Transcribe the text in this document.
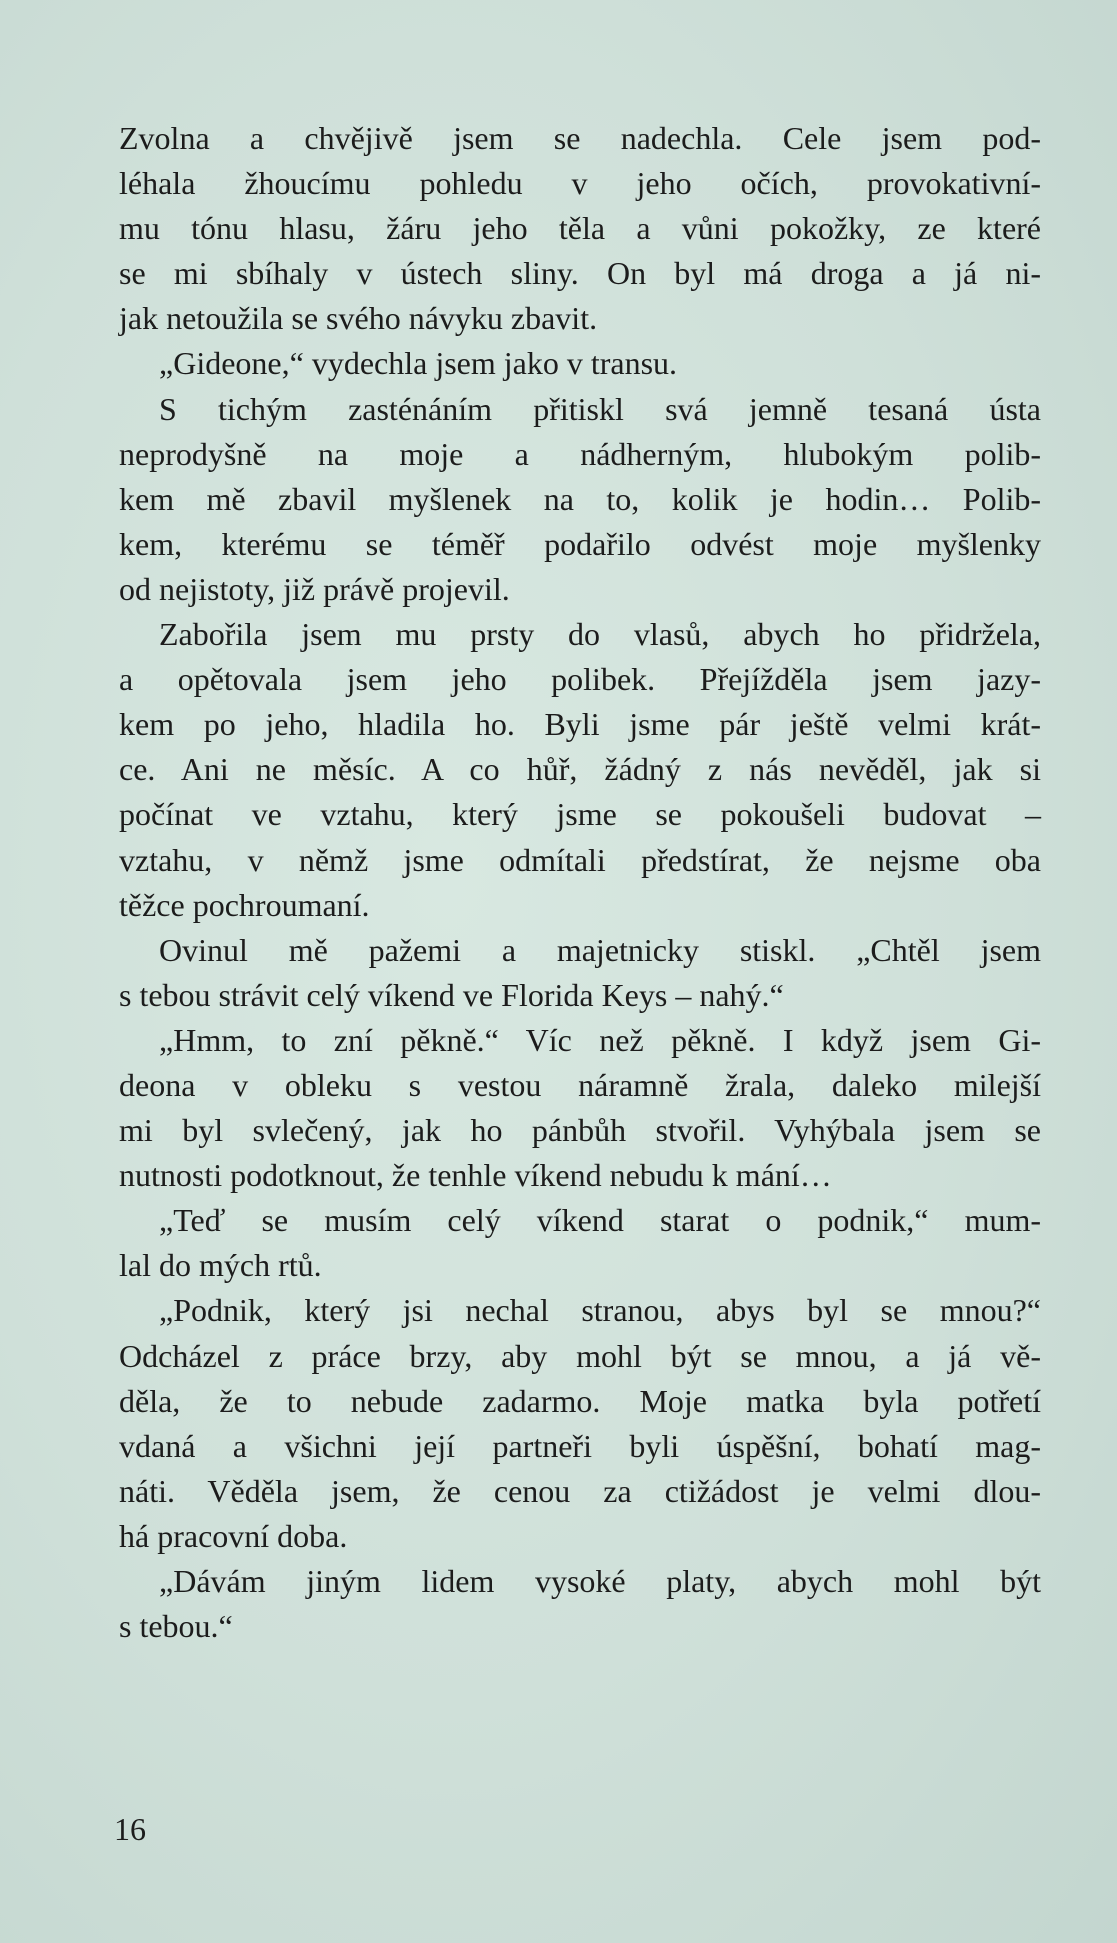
Zvolna a chvějivě jsem se nadechla. Cele jsem pod-
léhala žhoucímu pohledu v jeho očích, provokativní-
mu tónu hlasu, žáru jeho těla a vůni pokožky, ze které
se mi sbíhaly v ústech sliny. On byl má droga a já ni-
jak netoužila se svého návyku zbavit.
„Gideone,“ vydechla jsem jako v transu.
S tichým zasténáním přitiskl svá jemně tesaná ústa
neprodyšně na moje a nádherným, hlubokým polib-
kem mě zbavil myšlenek na to, kolik je hodin… Polib-
kem, kterému se téměř podařilo odvést moje myšlenky
od nejistoty, již právě projevil.
Zabořila jsem mu prsty do vlasů, abych ho přidržela,
a opětovala jsem jeho polibek. Přejížděla jsem jazy-
kem po jeho, hladila ho. Byli jsme pár ještě velmi krát-
ce. Ani ne měsíc. A co hůř, žádný z nás nevěděl, jak si
počínat ve vztahu, který jsme se pokoušeli budovat –
vztahu, v němž jsme odmítali předstírat, že nejsme oba
těžce pochroumaní.
Ovinul mě pažemi a majetnicky stiskl. „Chtěl jsem
s tebou strávit celý víkend ve Florida Keys – nahý.“
„Hmm, to zní pěkně.“ Víc než pěkně. I když jsem Gi-
deona v obleku s vestou náramně žrala, daleko milejší
mi byl svlečený, jak ho pánbůh stvořil. Vyhýbala jsem se
nutnosti podotknout, že tenhle víkend nebudu k mání…
„Teď se musím celý víkend starat o podnik,“ mum-
lal do mých rtů.
„Podnik, který jsi nechal stranou, abys byl se mnou?“
Odcházel z práce brzy, aby mohl být se mnou, a já vě-
děla, že to nebude zadarmo. Moje matka byla potřetí
vdaná a všichni její partneři byli úspěšní, bohatí mag-
náti. Věděla jsem, že cenou za ctižádost je velmi dlou-
há pracovní doba.
„Dávám jiným lidem vysoké platy, abych mohl být
s tebou.“
16
